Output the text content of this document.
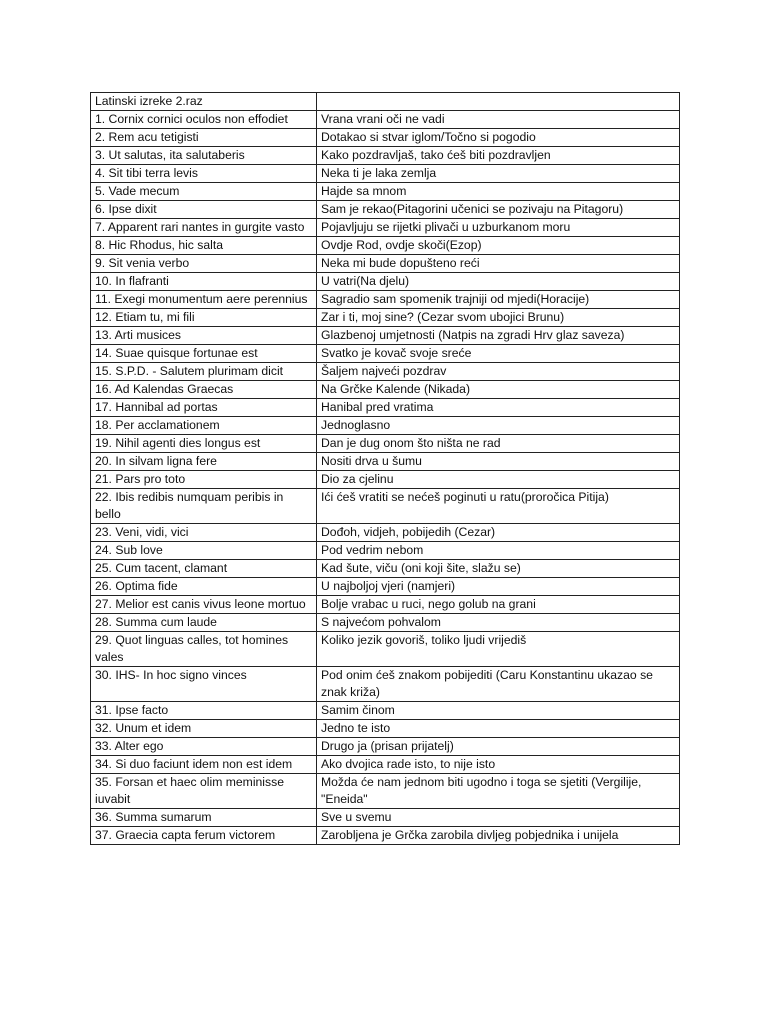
Latinski izreke 2.raz	
1. Cornix cornici oculos non effodiet	Vrana vrani oči ne vadi
2. Rem acu tetigisti	Dotakao si stvar iglom/Točno si pogodio
3. Ut salutas, ita salutaberis	Kako pozdravljaš, tako ćeš biti pozdravljen
4. Sit tibi terra levis	Neka ti je laka zemlja
5. Vade mecum	Hajde sa mnom
6. Ipse dixit	Sam je rekao(Pitagorini učenici se pozivaju na Pitagoru)
7. Apparent rari nantes in gurgite vasto	Pojavljuju se rijetki plivači u uzburkanom moru
8. Hic Rhodus, hic salta	Ovdje Rod, ovdje skoči(Ezop)
9. Sit venia verbo	Neka mi bude dopušteno reći
10. In flafranti	U vatri(Na djelu)
11. Exegi monumentum aere perennius	Sagradio sam spomenik trajniji od mjedi(Horacije)
12. Etiam tu, mi fili	Zar i ti, moj sine? (Cezar svom ubojici Brunu)
13. Arti musices	Glazbenoj umjetnosti (Natpis na zgradi Hrv glaz saveza)
14. Suae quisque fortunae est	Svatko je kovač svoje sreće
15. S.P.D. - Salutem plurimam dicit	Šaljem najveći pozdrav
16. Ad Kalendas Graecas	Na Grčke Kalende (Nikada)
17. Hannibal ad portas	Hanibal pred vratima
18. Per acclamationem	Jednoglasno
19. Nihil agenti dies longus est	Dan je dug onom što ništa ne rad
20. In silvam ligna fere	Nositi drva u šumu
21. Pars pro toto	Dio za cjelinu
22. Ibis redibis numquam peribis in bello	Ići ćeš vratiti se nećeš poginuti u ratu(proročica Pitija)
23. Veni, vidi, vici	Dođoh, vidjeh, pobijedih (Cezar)
24. Sub love	Pod vedrim nebom
25. Cum tacent, clamant	Kad šute, viču (oni koji šite, slažu se)
26. Optima fide	U najboljoj vjeri (namjeri)
27. Melior est canis vivus leone mortuo	Bolje vrabac u ruci, nego golub na grani
28. Summa cum laude	S najvećom pohvalom
29. Quot linguas calles, tot homines vales	Koliko jezik govoriš, toliko ljudi vrijediš
30. IHS- In hoc signo vinces	Pod onim ćeš znakom pobijediti (Caru Konstantinu ukazao se znak križa)
31. Ipse facto	Samim činom
32. Unum et idem	Jedno te isto
33. Alter ego	Drugo ja (prisan prijatelj)
34. Si duo faciunt idem non est idem	Ako dvojica rade isto, to nije isto
35. Forsan et haec olim meminisse iuvabit	Možda će nam jednom biti ugodno i toga se sjetiti (Vergilije, "Eneida"
36. Summa sumarum	Sve u svemu
37. Graecia capta ferum victorem	Zarobljena je Grčka zarobila divljeg pobjednika i unijela
